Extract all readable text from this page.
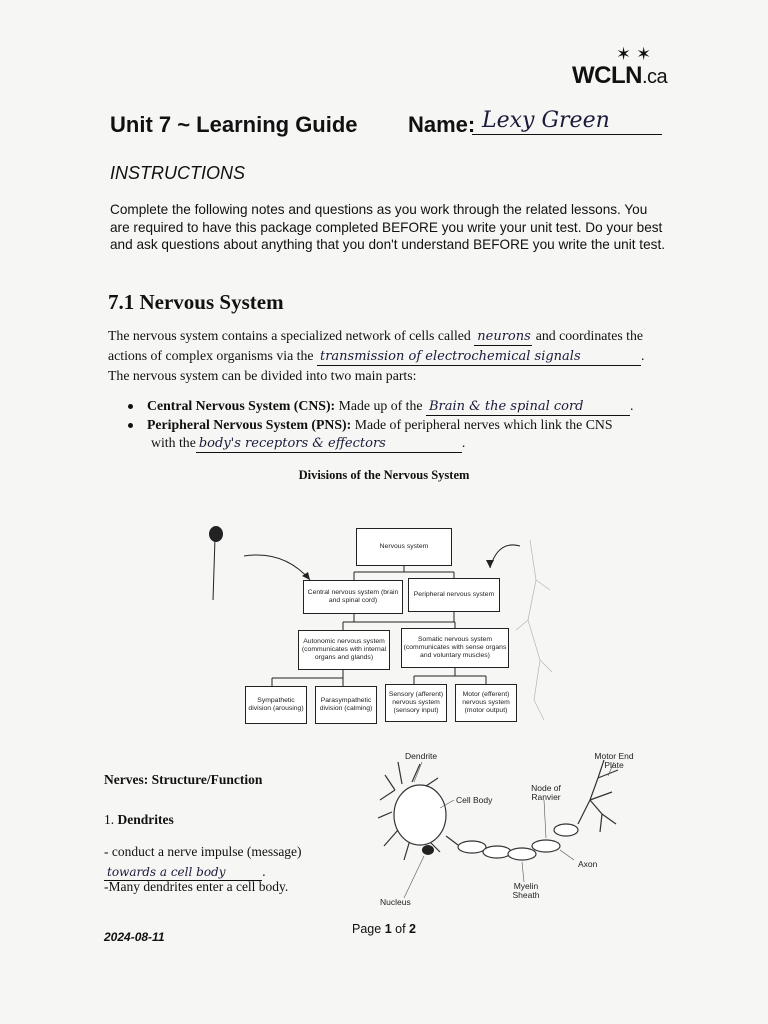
✶ ✶
WCLN.ca
Unit 7 ~ Learning Guide Name: Lexy Green
INSTRUCTIONS
Complete the following notes and questions as you work through the related lessons. You are required to have this package completed BEFORE you write your unit test. Do your best and ask questions about anything that you don't understand BEFORE you write the unit test.
7.1 Nervous System
The nervous system contains a specialized network of cells called neurons and coordinates the
actions of complex organisms via the transmission of electrochemical signals	.
The nervous system can be divided into two main parts:
Central Nervous System (CNS): Made up of the Brain & the spinal cord	.
Peripheral Nervous System (PNS): Made of peripheral nerves which link the CNS
with the body's receptors & effectors	.
Divisions of the Nervous System
Nervous system
Central nervous system (brain and spinal cord)
Peripheral nervous system
Autonomic nervous system (communicates with internal organs and glands)
Somatic nervous system (communicates with sense organs and voluntary muscles)
Sympathetic division (arousing)
Parasympathetic division (calming)
Sensory (afferent) nervous system (sensory input)
Motor (efferent) nervous system (motor output)
Dendrite
Cell Body
Node of Ranvier
Motor End Plate
Axon
Myelin Sheath
Nucleus
Nerves: Structure/Function
1. Dendrites
- conduct a nerve impulse (message)
towards a cell body	.
-Many dendrites enter a cell body.
2024-08-11
Page 1 of 2
